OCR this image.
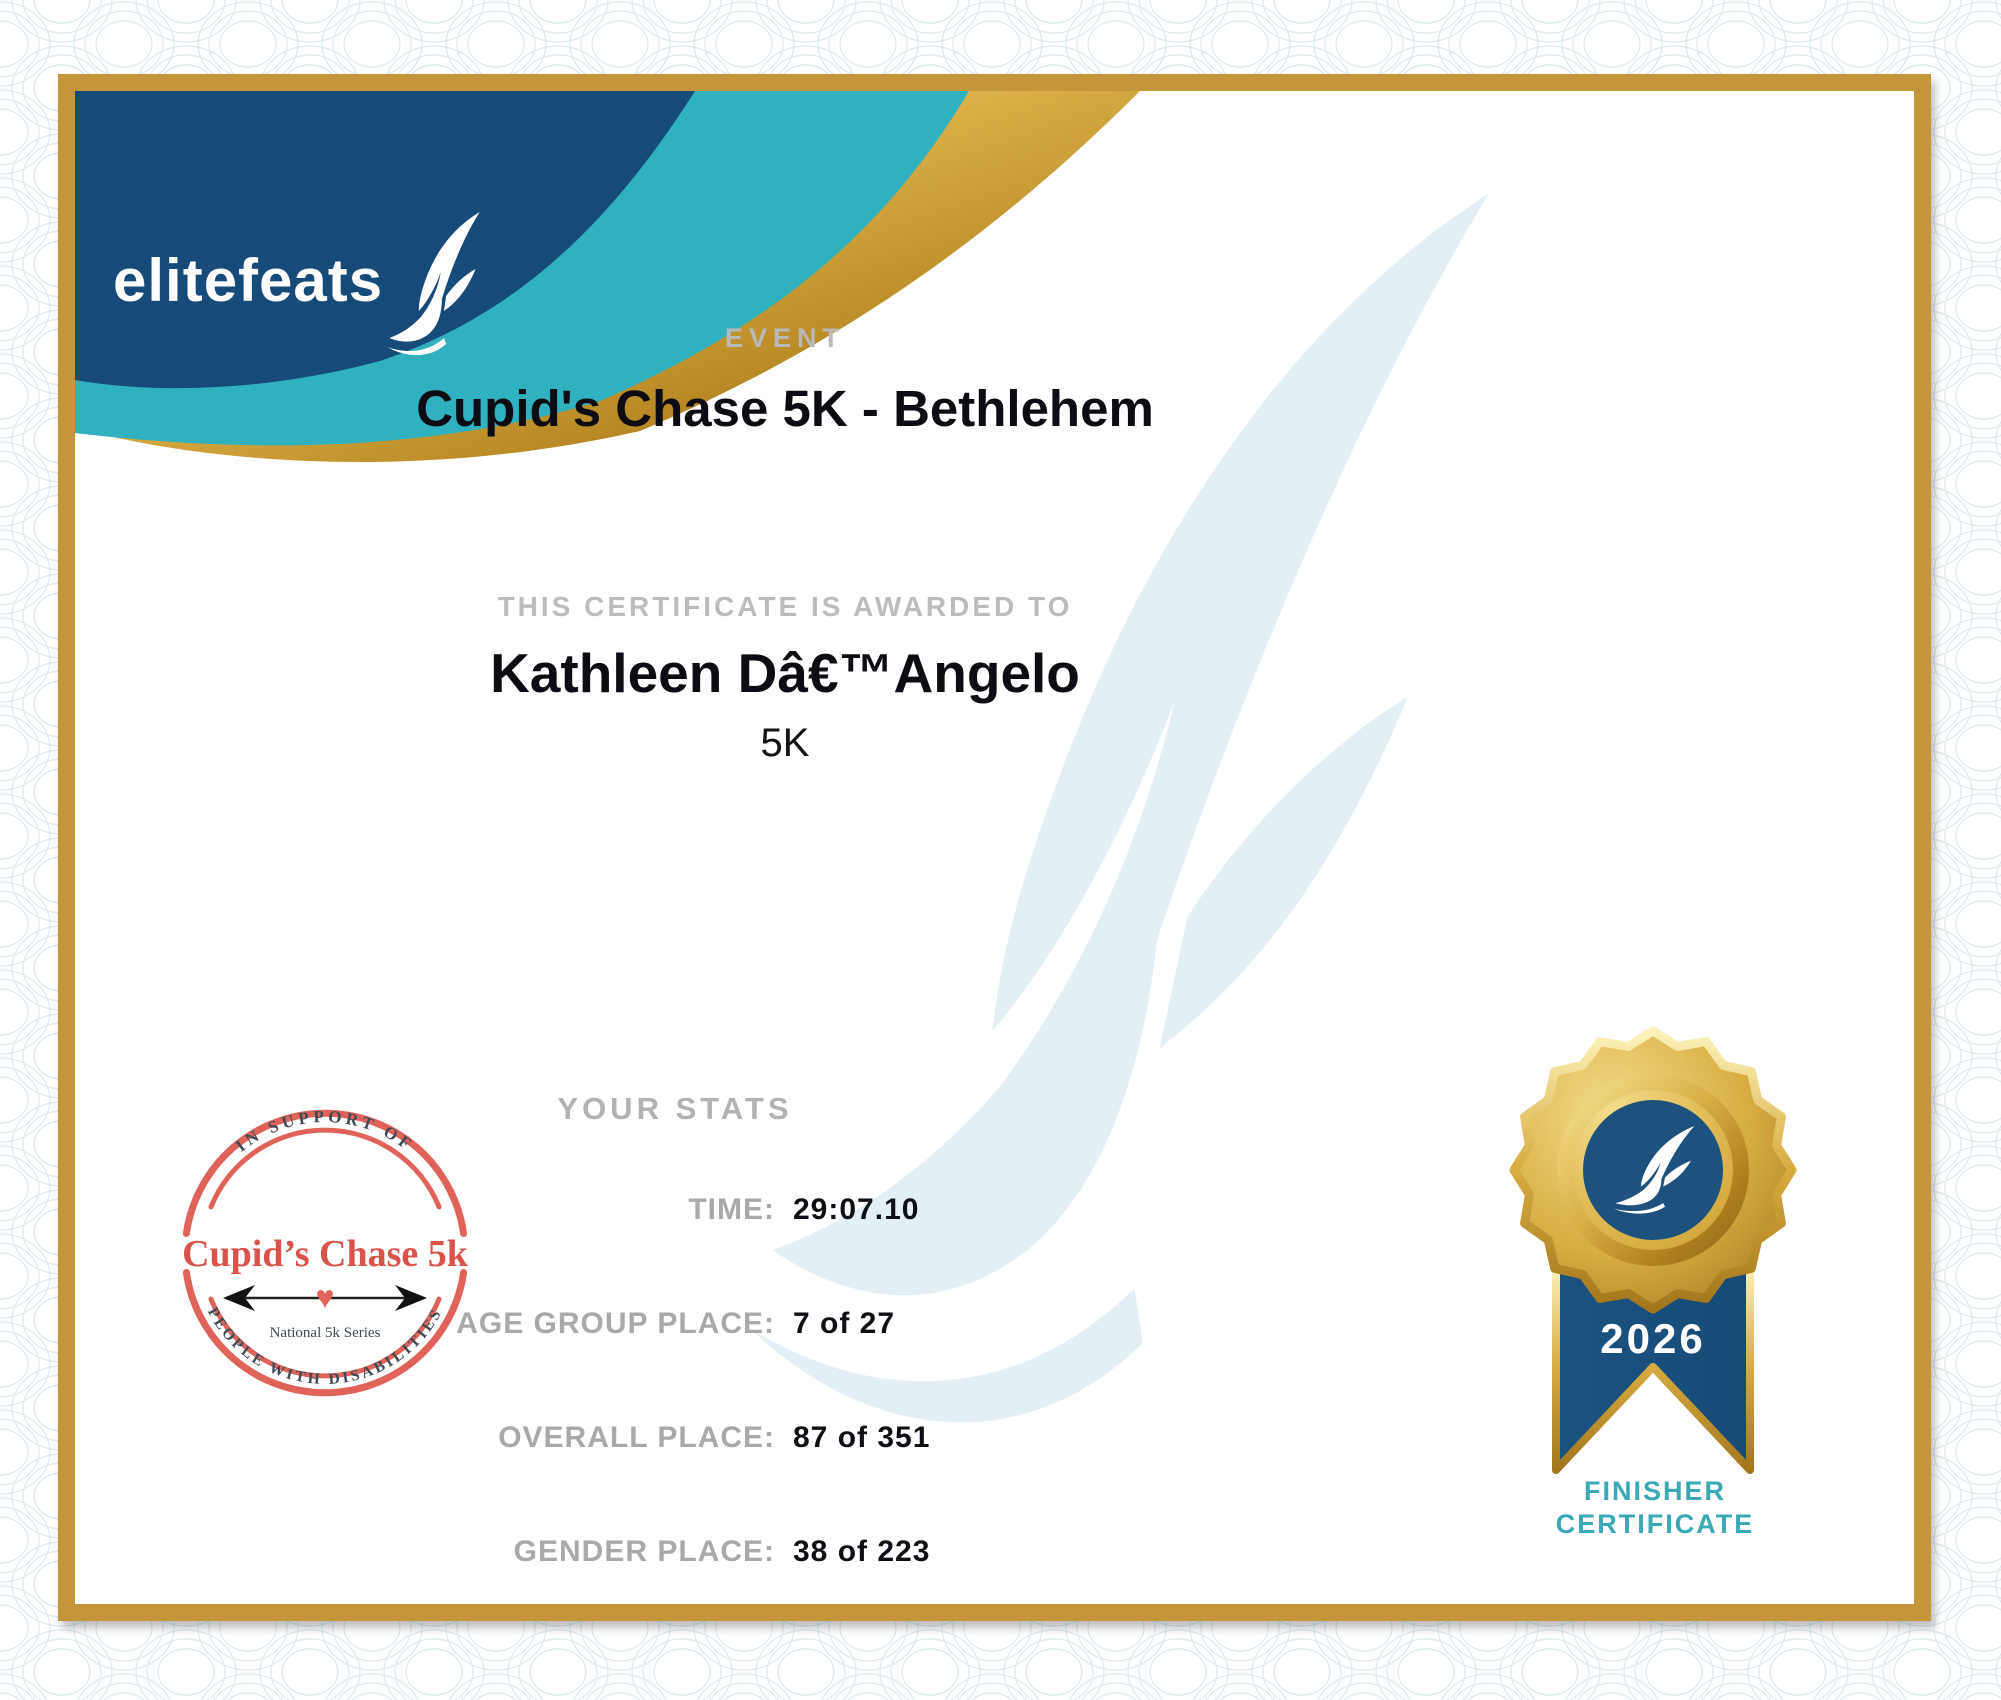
elitefeats
EVENT
Cupid's Chase 5K - Bethlehem
THIS CERTIFICATE IS AWARDED TO
Kathleen Dâ€™Angelo
5K
YOUR STATS
TIME: 29:07.10
AGE GROUP PLACE: 7 of 27
OVERALL PLACE: 87 of 351
GENDER PLACE: 38 of 223
IN SUPPORT OF
PEOPLE WITH DISABILITIES
Cupid’s Chase 5k
♥
National 5k Series	2026
FINISHER
CERTIFICATE
